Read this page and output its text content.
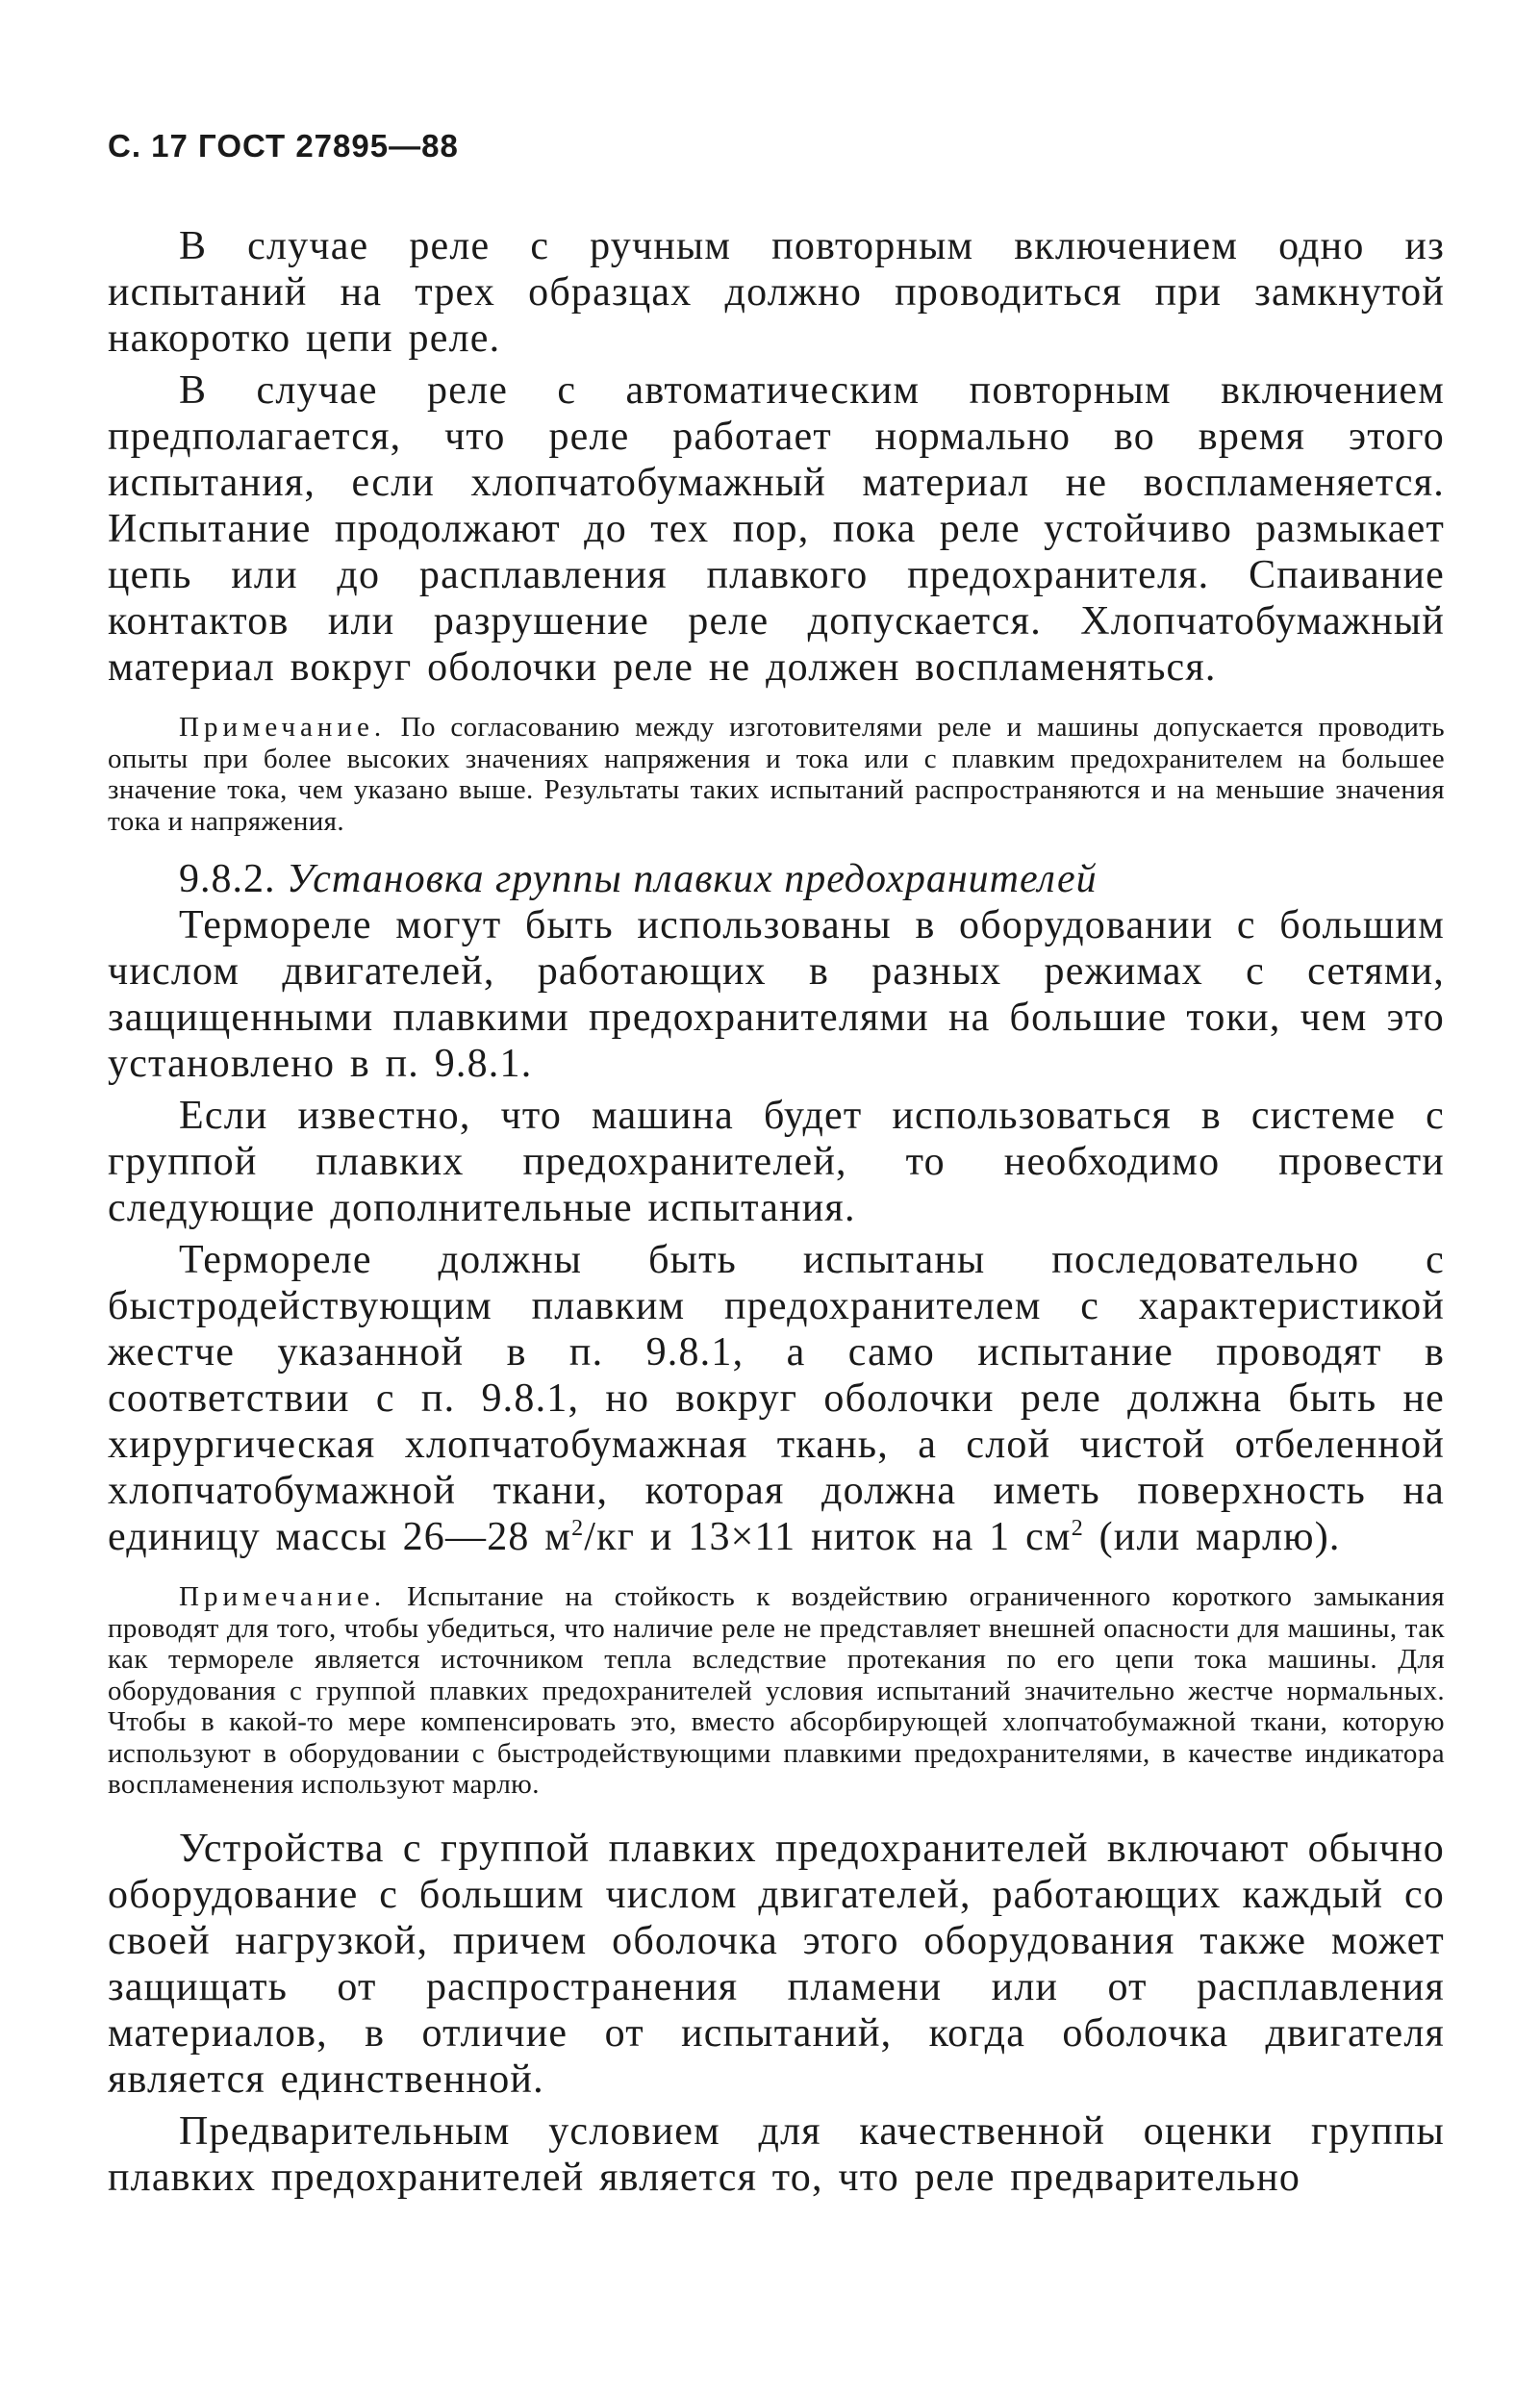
С. 17 ГОСТ 27895—88

В случае реле с ручным повторным включением одно из испытаний на трех образцах должно проводиться при замкнутой накоротко цепи реле.

В случае реле с автоматическим повторным включением предполагается, что реле работает нормально во время этого испытания, если хлопчатобумажный материал не воспламеняется. Испытание продолжают до тех пор, пока реле устойчиво размыкает цепь или до расплавления плавкого предохранителя. Спаивание контактов или разрушение реле допускается. Хлопчатобумажный материал вокруг оболочки реле не должен воспламеняться.

Примечание. По согласованию между изготовителями реле и машины допускается проводить опыты при более высоких значениях напряжения и тока или с плавким предохранителем на большее значение тока, чем указано выше. Результаты таких испытаний распространяются и на меньшие значения тока и напряжения.

9.8.2. Установка группы плавких предохранителей

Термореле могут быть использованы в оборудовании с большим числом двигателей, работающих в разных режимах с сетями, защищенными плавкими предохранителями на большие токи, чем это установлено в п. 9.8.1.

Если известно, что машина будет использоваться в системе с группой плавких предохранителей, то необходимо провести следующие дополнительные испытания.

Термореле должны быть испытаны последовательно с быстродействующим плавким предохранителем с характеристикой жестче указанной в п. 9.8.1, а само испытание проводят в соответствии с п. 9.8.1, но вокруг оболочки реле должна быть не хирургическая хлопчатобумажная ткань, а слой чистой отбеленной хлопчатобумажной ткани, которая должна иметь поверхность на единицу массы 26—28 $м^2/кг$ и 13×11 ниток на 1 $см^2$ (или марлю).

Примечание. Испытание на стойкость к воздействию ограниченного короткого замыкания проводят для того, чтобы убедиться, что наличие реле не представляет внешней опасности для машины, так как термореле является источником тепла вследствие протекания по его цепи тока машины. Для оборудования с группой плавких предохранителей условия испытаний значительно жестче нормальных. Чтобы в какой-то мере компенсировать это, вместо абсорбирующей хлопчатобумажной ткани, которую используют в оборудовании с быстродействующими плавкими предохранителями, в качестве индикатора воспламенения используют марлю.

Устройства с группой плавких предохранителей включают обычно оборудование с большим числом двигателей, работающих каждый со своей нагрузкой, причем оболочка этого оборудования также может защищать от распространения пламени или от расплавления материалов, в отличие от испытаний, когда оболочка двигателя является единственной.

Предварительным условием для качественной оценки группы плавких предохранителей является то, что реле предварительно
